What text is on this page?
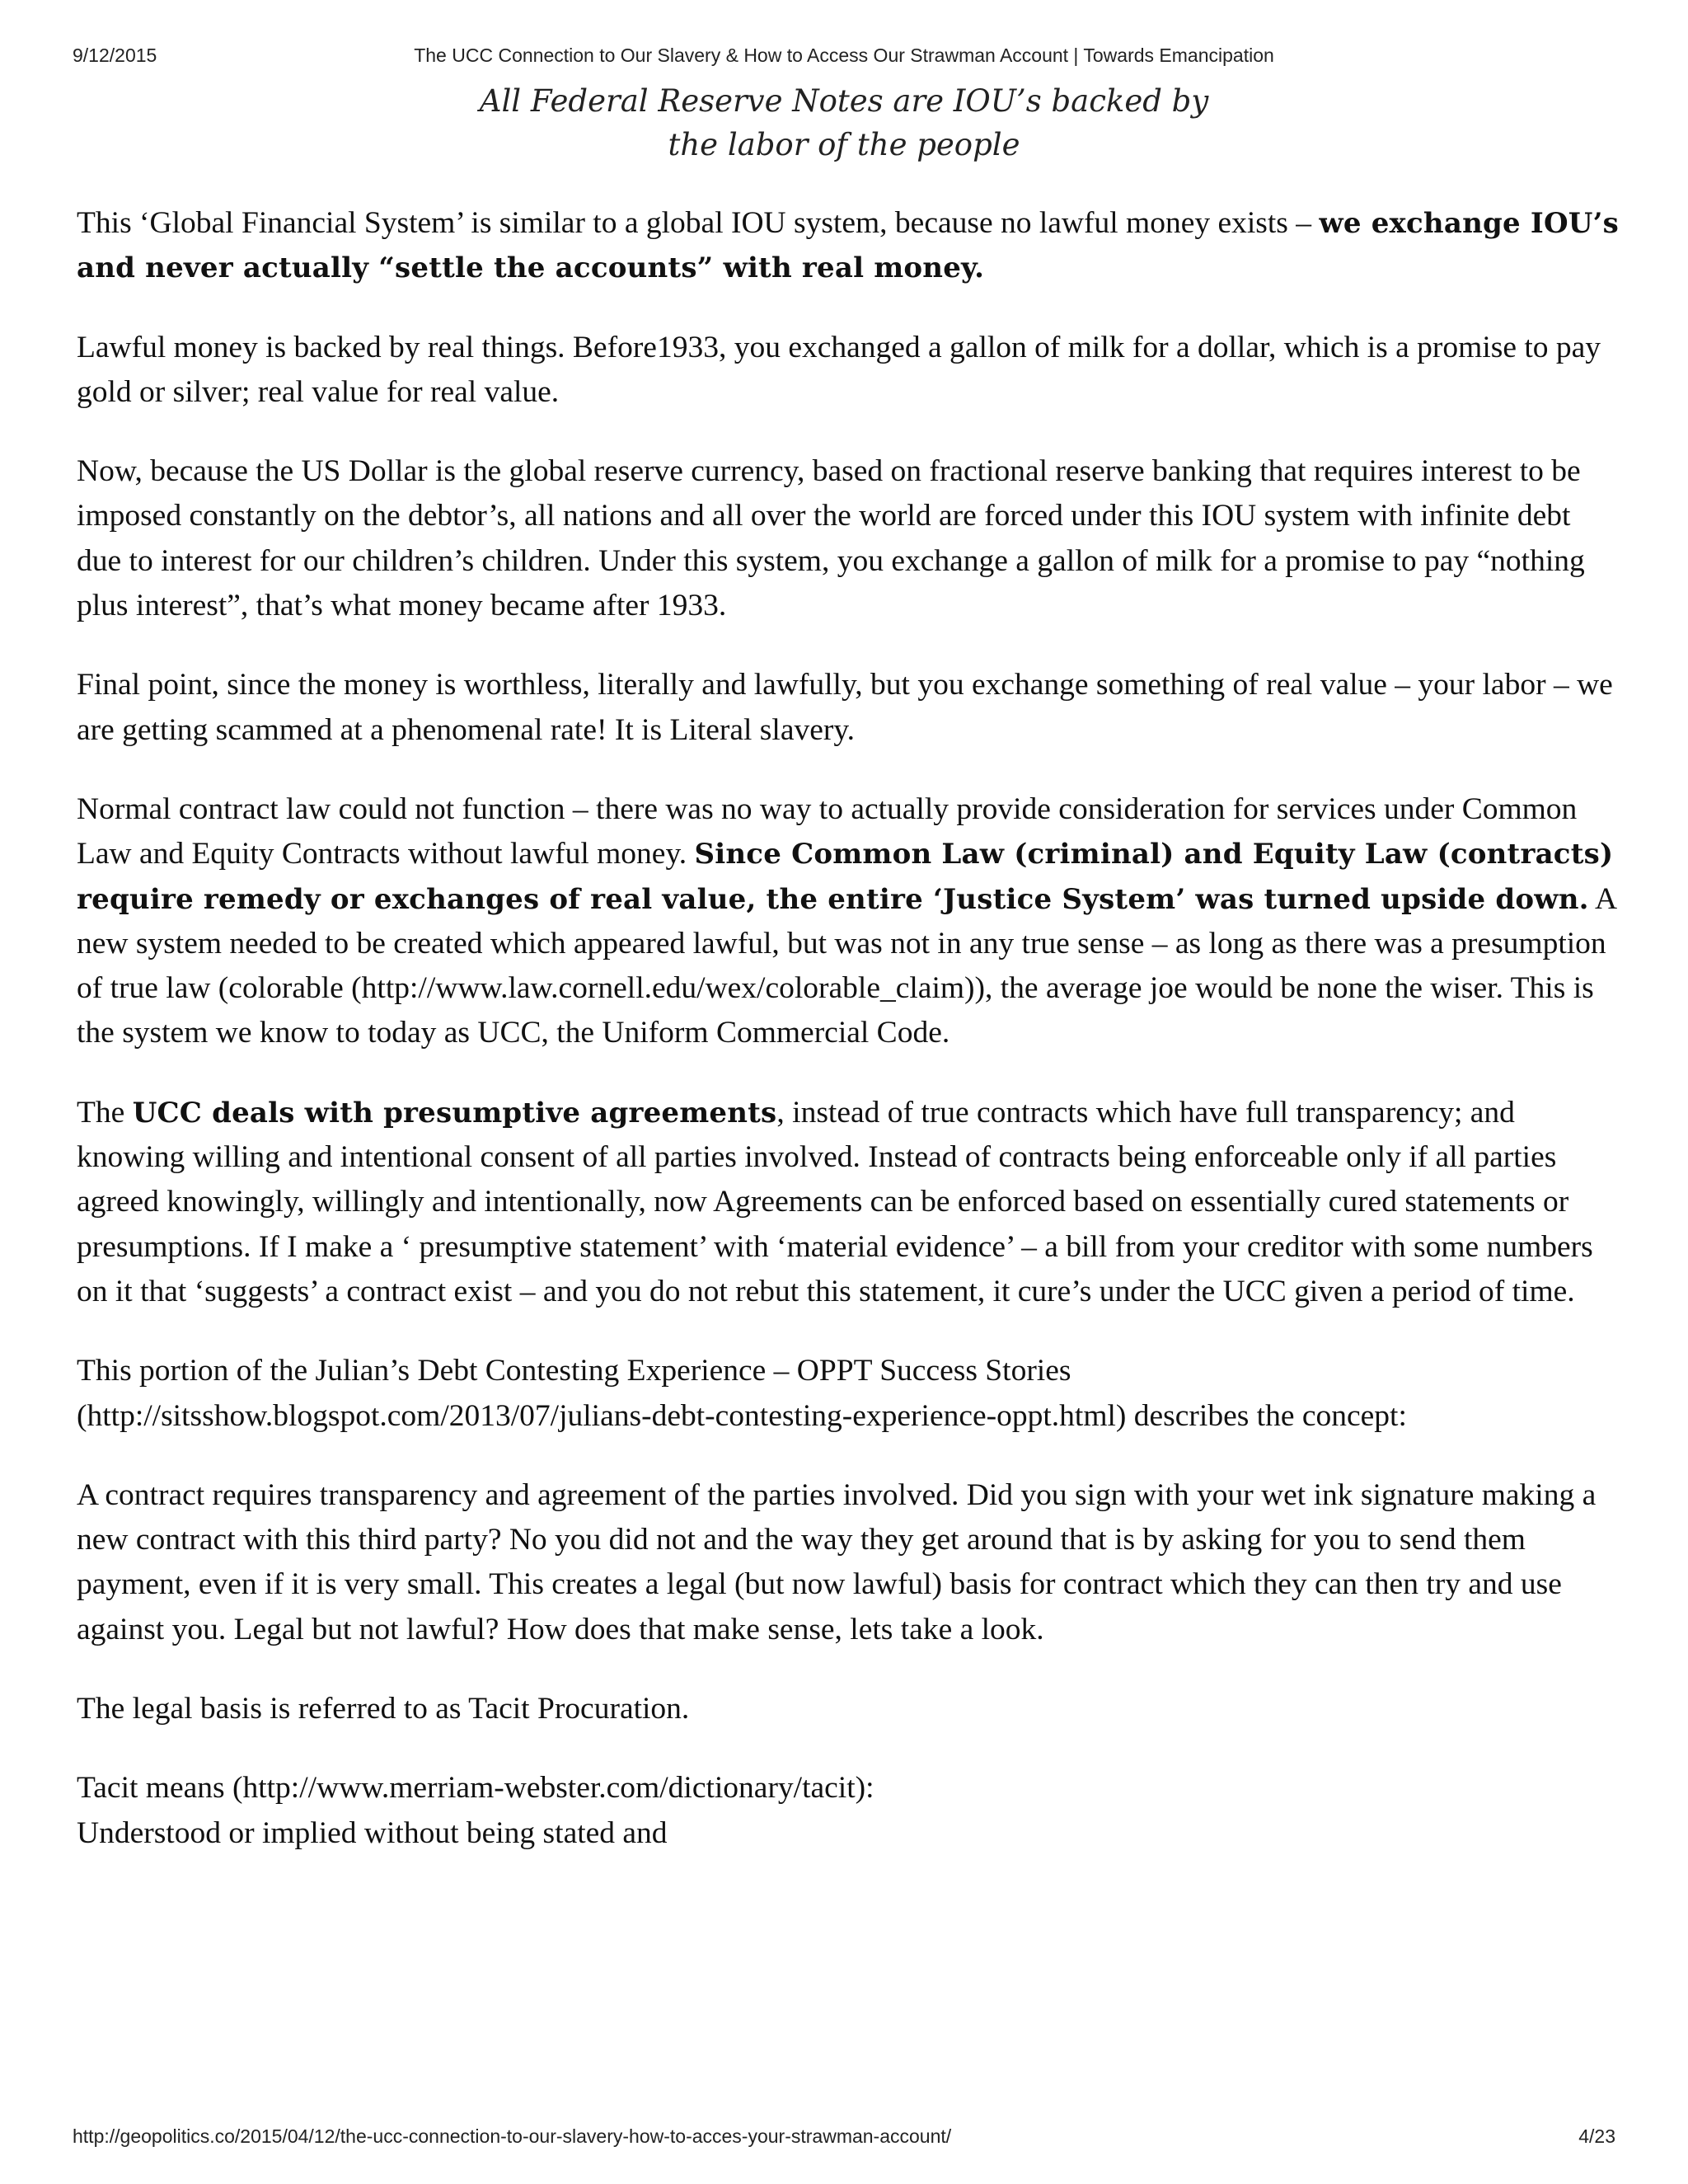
9/12/2015	The UCC Connection to Our Slavery & How to Access Our Strawman Account | Towards Emancipation
All Federal Reserve Notes are IOU’s backed by
the labor of the people

This ‘Global Financial System’ is similar to a global IOU system, because no lawful money exists – we exchange IOU’s and never actually “settle the accounts” with real money.

Lawful money is backed by real things. Before1933, you exchanged a gallon of milk for a dollar, which is a promise to pay gold or silver; real value for real value.

Now, because the US Dollar is the global reserve currency, based on fractional reserve banking that requires interest to be imposed constantly on the debtor’s, all nations and all over the world are forced under this IOU system with infinite debt due to interest for our children’s children. Under this system, you exchange a gallon of milk for a promise to pay “nothing plus interest”, that’s what money became after 1933.

Final point, since the money is worthless, literally and lawfully, but you exchange something of real value – your labor – we are getting scammed at a phenomenal rate! It is Literal slavery.

Normal contract law could not function – there was no way to actually provide consideration for services under Common Law and Equity Contracts without lawful money. Since Common Law (criminal) and Equity Law (contracts) require remedy or exchanges of real value, the entire ‘Justice System’ was turned upside down. A new system needed to be created which appeared lawful, but was not in any true sense – as long as there was a presumption of true law (colorable (http://www.law.cornell.edu/wex/colorable_claim)), the average joe would be none the wiser. This is the system we know to today as UCC, the Uniform Commercial Code.

The UCC deals with presumptive agreements, instead of true contracts which have full transparency; and knowing willing and intentional consent of all parties involved. Instead of contracts being enforceable only if all parties agreed knowingly, willingly and intentionally, now Agreements can be enforced based on essentially cured statements or presumptions. If I make a ‘ presumptive statement’ with ‘material evidence’ – a bill from your creditor with some numbers on it that ‘suggests’ a contract exist – and you do not rebut this statement, it cure’s under the UCC given a period of time.

This portion of the Julian’s Debt Contesting Experience – OPPT Success Stories (http://sitsshow.blogspot.com/2013/07/julians-debt-contesting-experience-oppt.html) describes the concept:

A contract requires transparency and agreement of the parties involved. Did you sign with your wet ink signature making a new contract with this third party? No you did not and the way they get around that is by asking for you to send them payment, even if it is very small. This creates a legal (but now lawful) basis for contract which they can then try and use against you. Legal but not lawful? How does that make sense, lets take a look.

The legal basis is referred to as Tacit Procuration.

Tacit means (http://www.merriam-webster.com/dictionary/tacit):
Understood or implied without being stated and

http://geopolitics.co/2015/04/12/the-ucc-connection-to-our-slavery-how-to-acces-your-strawman-account/	4/23
